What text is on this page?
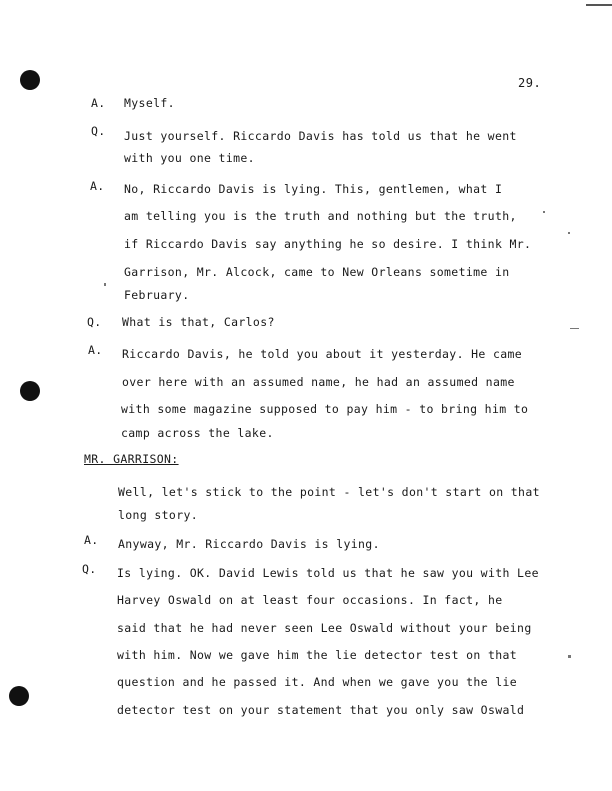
29.
A. Myself.
Q. Just yourself. Riccardo Davis has told us that he went
with you one time.
A. No, Riccardo Davis is lying. This, gentlemen, what I
am telling you is the truth and nothing but the truth,
if Riccardo Davis say anything he so desire. I think Mr.
Garrison, Mr. Alcock, came to New Orleans sometime in
February.
Q. What is that, Carlos?
A. Riccardo Davis, he told you about it yesterday. He came
over here with an assumed name, he had an assumed name
with some magazine supposed to pay him - to bring him to
camp across the lake.
MR. GARRISON:
Well, let's stick to the point - let's don't start on that
long story.
A. Anyway, Mr. Riccardo Davis is lying.
Q. Is lying. OK. David Lewis told us that he saw you with Lee
Harvey Oswald on at least four occasions. In fact, he
said that he had never seen Lee Oswald without your being
with him. Now we gave him the lie detector test on that
question and he passed it. And when we gave you the lie
detector test on your statement that you only saw Oswald
